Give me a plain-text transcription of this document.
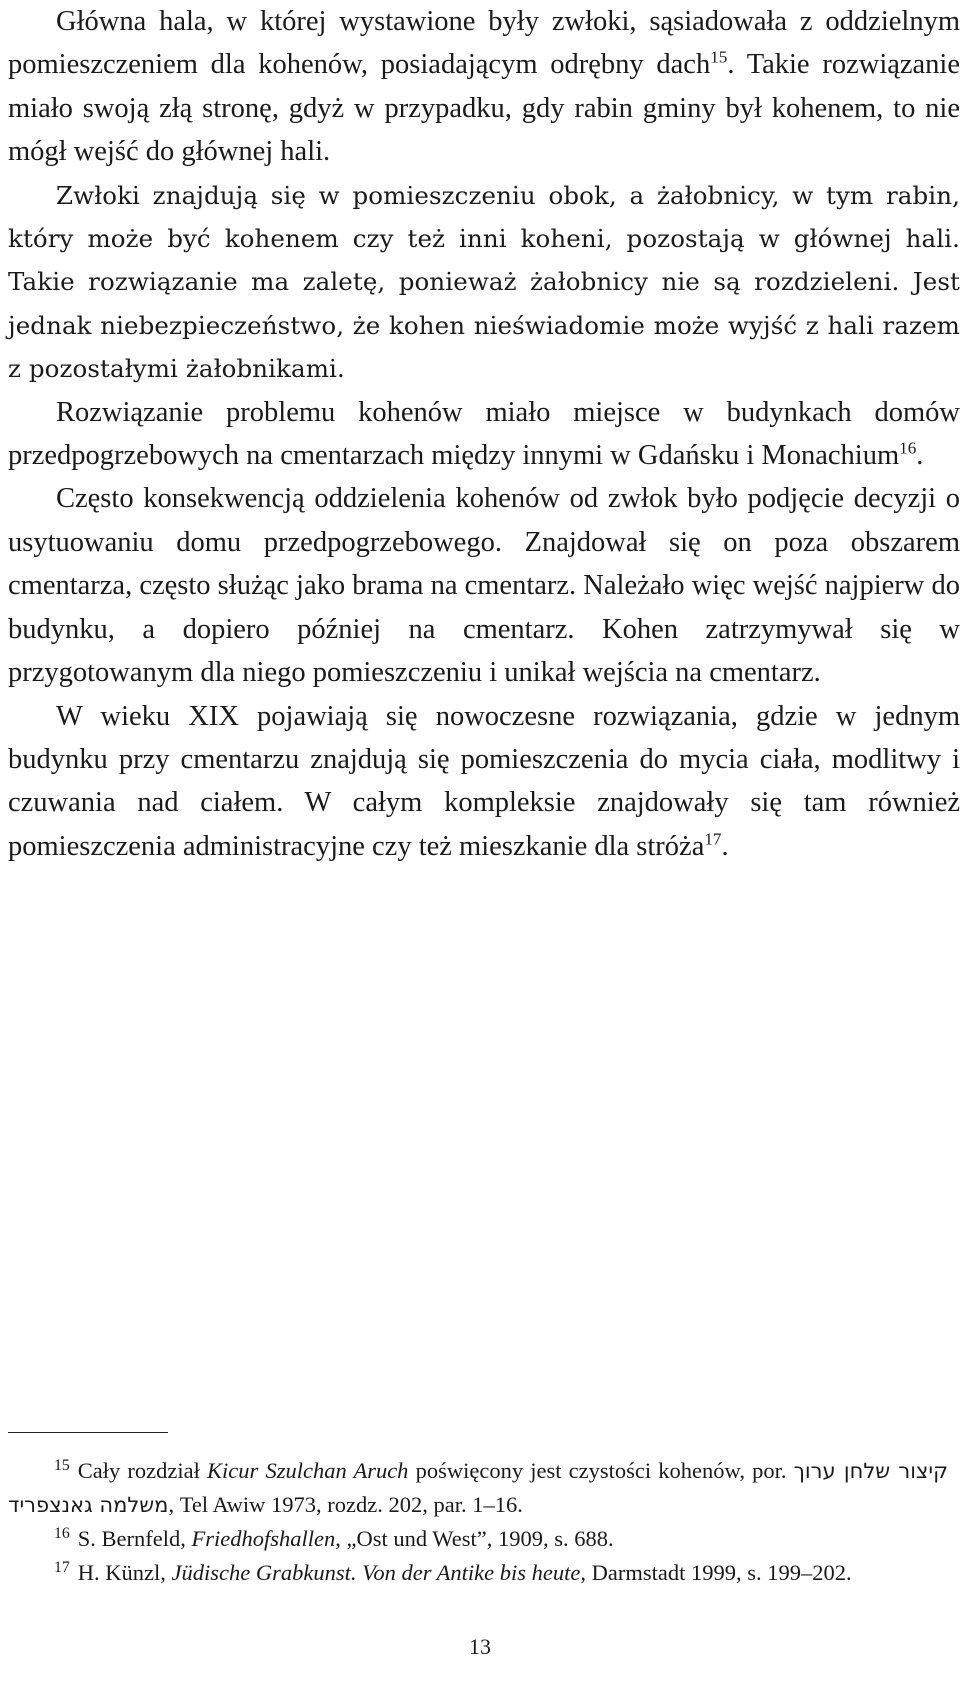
Główna hala, w której wystawione były zwłoki, sąsiadowała z oddzielnym pomieszczeniem dla kohenów, posiadającym odrębny dach$^{15}$. Takie rozwiązanie miało swoją złą stronę, gdyż w przypadku, gdy rabin gminy był kohenem, to nie mógł wejść do głównej hali.

Zwłoki znajdują się w pomieszczeniu obok, a żałobnicy, w tym rabin, który może być kohenem czy też inni koheni, pozostają w głównej hali. Takie rozwiązanie ma zaletę, ponieważ żałobnicy nie są rozdzieleni. Jest jednak niebezpieczeństwo, że kohen nieświadomie może wyjść z hali razem z pozostałymi żałobnikami.

Rozwiązanie problemu kohenów miało miejsce w budynkach domów przedpogrzebowych na cmentarzach między innymi w Gdańsku i Monachium$^{16}$.

Często konsekwencją oddzielenia kohenów od zwłok było podjęcie decyzji o usytuowaniu domu przedpogrzebowego. Znajdował się on poza obszarem cmentarza, często służąc jako brama na cmentarz. Należało więc wejść najpierw do budynku, a dopiero później na cmentarz. Kohen zatrzymywał się w przygotowanym dla niego pomieszczeniu i unikał wejścia na cmentarz.

W wieku XIX pojawiają się nowoczesne rozwiązania, gdzie w jednym budynku przy cmentarzu znajdują się pomieszczenia do mycia ciała, modlitwy i czuwania nad ciałem. W całym kompleksie znajdowały się tam również pomieszczenia administracyjne czy też mieszkanie dla stróża$^{17}$.

$^{15}$ Cały rozdział Kicur Szulchan Aruch poświęcony jest czystości kohenów, por. קיצור שלחן ערוך משלמה גאנצפריד, Tel Awiw 1973, rozdz. 202, par. 1–16.

$^{16}$ S. Bernfeld, Friedhofshallen, „Ost und West”, 1909, s. 688.

$^{17}$ H. Künzl, Jüdische Grabkunst. Von der Antike bis heute, Darmstadt 1999, s. 199–202.

13
